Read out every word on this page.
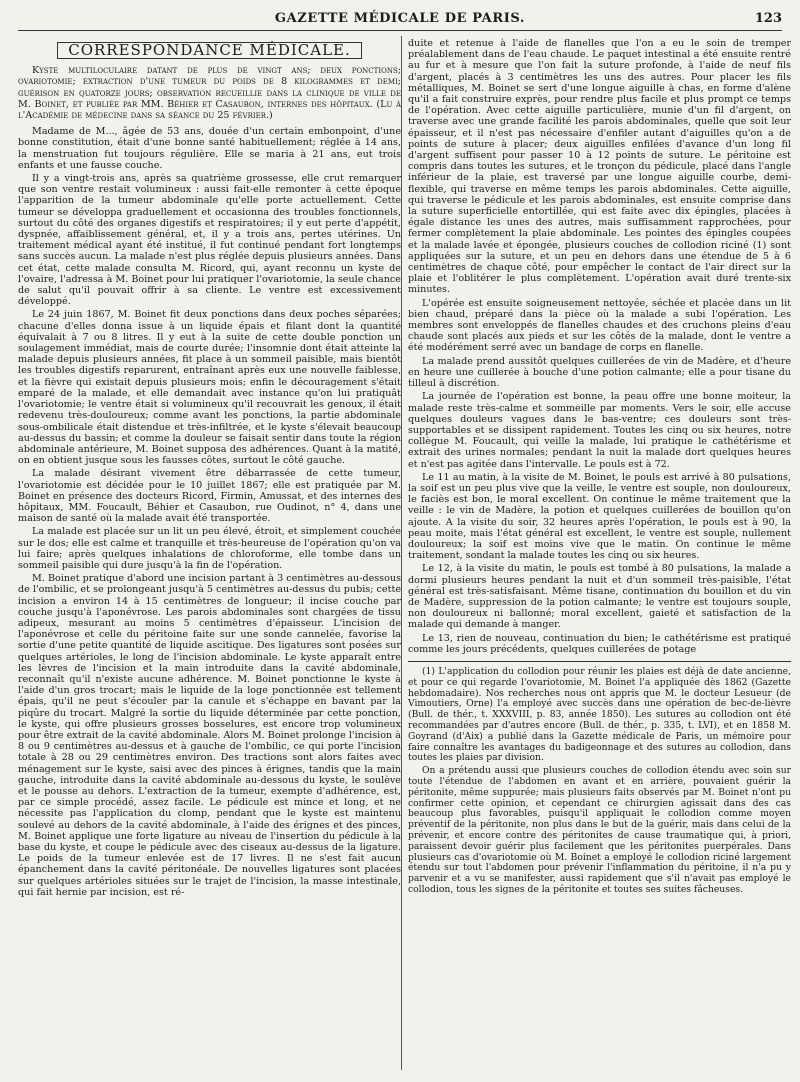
GAZETTE MÉDICALE DE PARIS.	123
CORRESPONDANCE MÉDICALE.

Kyste multiloculaire datant de plus de vingt ans; deux ponctions; ovariotomie; extraction d'une tumeur du poids de 8 kilogrammes et demi; guérison en quatorze jours; observation recueillie dans la clinique de ville de M. Boinet, et publiée par MM. Béhier et Casaubon, internes des hôpitaux. (Lu à l'Académie de médecine dans sa séance du 25 février.)

Madame de M..., âgée de 53 ans, douée d'un certain embonpoint, d'une bonne constitution, était d'une bonne santé habituellement; réglée à 14 ans, la menstruation fut toujours régulière. Elle se maria à 21 ans, eut trois enfants et une fausse couche.

Il y a vingt-trois ans, après sa quatrième grossesse, elle crut remarquer que son ventre restait volumineux : aussi fait-elle remonter à cette époque l'apparition de la tumeur abdominale qu'elle porte actuellement. Cette tumeur se développa graduellement et occasionna des troubles fonctionnels, surtout du côté des organes digestifs et respiratoires; il y eut perte d'appétit, dyspnée, affaiblissement général, et, il y a trois ans, pertes utérines. Un traitement médical ayant été institué, il fut continué pendant fort longtemps sans succès aucun. La malade n'est plus réglée depuis plusieurs années. Dans cet état, cette malade consulta M. Ricord, qui, ayant reconnu un kyste de l'ovaire, l'adressa à M. Boinet pour lui pratiquer l'ovariotomie, la seule chance de salut qu'il pouvait offrir à sa cliente. Le ventre est excessivement développé.

Le 24 juin 1867, M. Boinet fit deux ponctions dans deux poches séparées; chacune d'elles donna issue à un liquide épais et filant dont la quantité équivalait à 7 ou 8 litres. Il y eut à la suite de cette double ponction un soulagement immédiat, mais de courte durée; l'insomnie dont était atteinte la malade depuis plusieurs années, fit place à un sommeil paisible, mais bientôt les troubles digestifs reparurent, entraînant après eux une nouvelle faiblesse, et la fièvre qui existait depuis plusieurs mois; enfin le découragement s'était emparé de la malade, et elle demandait avec instance qu'on lui pratiquât l'ovariotomie; le ventre était si volumineux qu'il recouvrait les genoux, il était redevenu très-douloureux; comme avant les ponctions, la partie abdominale sous-ombilicale était distendue et très-infiltrée, et le kyste s'élevait beaucoup au-dessus du bassin; et comme la douleur se faisait sentir dans toute la région abdominale antérieure, M. Boinet supposa des adhérences. Quant à la matité, on en obtient jusque sous les fausses côtes, surtout le côté gauche.

La malade désirant vivement être débarrassée de cette tumeur, l'ovariotomie est décidée pour le 10 juillet 1867; elle est pratiquée par M. Boinet en présence des docteurs Ricord, Firmin, Amussat, et des internes des hôpitaux, MM. Foucault, Béhier et Casaubon, rue Oudinot, n° 4, dans une maison de santé où la malade avait été transportée.

La malade est placée sur un lit un peu élevé, étroit, et simplement couchée sur le dos; elle est calme et tranquille et très-heureuse de l'opération qu'on va lui faire; après quelques inhalations de chloroforme, elle tombe dans un sommeil paisible qui dure jusqu'à la fin de l'opération.

M. Boinet pratique d'abord une incision partant à 3 centimètres au-dessous de l'ombilic, et se prolongeant jusqu'à 5 centimètres au-dessus du pubis; cette incision a environ 14 à 15 centimètres de longueur; il incise couche par couche jusqu'à l'aponévrose. Les parois abdominales sont chargées de tissu adipeux, mesurant au moins 5 centimètres d'épaisseur. L'incision de l'aponévrose et celle du péritoine faite sur une sonde cannelée, favorise la sortie d'une petite quantité de liquide ascitique. Des ligatures sont posées sur quelques artérioles, le long de l'incision abdominale. Le kyste apparaît entre les lèvres de l'incision et la main introduite dans la cavité abdominale, reconnaît qu'il n'existe aucune adhérence. M. Boinet ponctionne le kyste à l'aide d'un gros trocart; mais le liquide de la loge ponctionnée est tellement épais, qu'il ne peut s'écouler par la canule et s'échappe en bavant par la piqûre du trocart. Malgré la sortie du liquide déterminée par cette ponction, le kyste, qui offre plusieurs grosses bosselures, est encore trop volumineux pour être extrait de la cavité abdominale. Alors M. Boinet prolonge l'incision à 8 ou 9 centimètres au-dessus et à gauche de l'ombilic, ce qui porte l'incision totale à 28 ou 29 centimètres environ. Des tractions sont alors faites avec ménagement sur le kyste, saisi avec des pinces à érignes, tandis que la main gauche, introduite dans la cavité abdominale au-dessous du kyste, le soulève et le pousse au dehors. L'extraction de la tumeur, exempte d'adhérence, est, par ce simple procédé, assez facile. Le pédicule est mince et long, et ne nécessite pas l'application du clomp, pendant que le kyste est maintenu soulevé au dehors de la cavité abdominale, à l'aide des érignes et des pinces, M. Boinet applique une forte ligature au niveau de l'insertion du pédicule à la base du kyste, et coupe le pédicule avec des ciseaux au-dessus de la ligature. Le poids de la tumeur enlevée est de 17 livres. Il ne s'est fait aucun épanchement dans la cavité péritonéale. De nouvelles ligatures sont placées sur quelques artérioles situées sur le trajet de l'incision, la masse intestinale, qui fait hernie par incision, est ré-

duite et retenue à l'aide de flanelles que l'on a eu le soin de tremper préalablement dans de l'eau chaude. Le paquet intestinal a été ensuite rentré au fur et à mesure que l'on fait la suture profonde, à l'aide de neuf fils d'argent, placés à 3 centimètres les uns des autres. Pour placer les fils métalliques, M. Boinet se sert d'une longue aiguille à chas, en forme d'alène qu'il a fait construire exprès, pour rendre plus facile et plus prompt ce temps de l'opération. Avec cette aiguille particulière, munie d'un fil d'argent, on traverse avec une grande facilité les parois abdominales, quelle que soit leur épaisseur, et il n'est pas nécessaire d'enfiler autant d'aiguilles qu'on a de points de suture à placer; deux aiguilles enfilées d'avance d'un long fil d'argent suffisent pour passer 10 à 12 points de suture. Le péritoine est compris dans toutes les sutures, et le tronçon du pédicule, placé dans l'angle inférieur de la plaie, est traversé par une longue aiguille courbe, demi-flexible, qui traverse en même temps les parois abdominales. Cette aiguille, qui traverse le pédicule et les parois abdominales, est ensuite comprise dans la suture superficielle entortillée, qui est faite avec dix épingles, placées à égale distance les unes des autres, mais suffisamment rapprochées, pour fermer complètement la plaie abdominale. Les pointes des épingles coupées et la malade lavée et épongée, plusieurs couches de collodion riciné (1) sont appliquées sur la suture, et un peu en dehors dans une étendue de 5 à 6 centimètres de chaque côté, pour empêcher le contact de l'air direct sur la plaie et l'oblitérer le plus complètement. L'opération avait duré trente-six minutes.

L'opérée est ensuite soigneusement nettoyée, séchée et placée dans un lit bien chaud, préparé dans la pièce où la malade a subi l'opération. Les membres sont enveloppés de flanelles chaudes et des cruchons pleins d'eau chaude sont placés aux pieds et sur les côtés de la malade, dont le ventre a été modérément serré avec un bandage de corps en flanelle.

La malade prend aussitôt quelques cuillerées de vin de Madère, et d'heure en heure une cuillerée à bouche d'une potion calmante; elle a pour tisane du tilleul à discrétion.

La journée de l'opération est bonne, la peau offre une bonne moiteur, la malade reste très-calme et sommeille par moments. Vers le soir, elle accuse quelques douleurs vagues dans le bas-ventre; ces douleurs sont très-supportables et se dissipent rapidement. Toutes les cinq ou six heures, notre collègue M. Foucault, qui veille la malade, lui pratique le cathétérisme et extrait des urines normales; pendant la nuit la malade dort quelques heures et n'est pas agitée dans l'intervalle. Le pouls est à 72.

Le 11 au matin, à la visite de M. Boinet, le pouls est arrivé à 80 pulsations, la soif est un peu plus vive que la veille, le ventre est souple, non douloureux, le faciès est bon, le moral excellent. On continue le même traitement que la veille : le vin de Madère, la potion et quelques cuillerées de bouillon qu'on ajoute. A la visite du soir, 32 heures après l'opération, le pouls est à 90, la peau moite, mais l'état général est excellent, le ventre est souple, nullement douloureux; la soif est moins vive que le matin. On continue le même traitement, sondant la malade toutes les cinq ou six heures.

Le 12, à la visite du matin, le pouls est tombé à 80 pulsations, la malade a dormi plusieurs heures pendant la nuit et d'un sommeil très-paisible, l'état général est très-satisfaisant. Même tisane, continuation du bouillon et du vin de Madère, suppression de la potion calmante; le ventre est toujours souple, non douloureux ni ballonné; moral excellent, gaieté et satisfaction de la malade qui demande à manger.

Le 13, rien de nouveau, continuation du bien; le cathétérisme est pratiqué comme les jours précédents, quelques cuillerées de potage

(1) L'application du collodion pour réunir les plaies est déjà de date ancienne, et pour ce qui regarde l'ovariotomie, M. Boinet l'a appliquée dès 1862 (Gazette hebdomadaire). Nos recherches nous ont appris que M. le docteur Lesueur (de Vimoutiers, Orne) l'a employé avec succès dans une opération de bec-de-lièvre (Bull. de thér., t. XXXVIII, p. 83, année 1850). Les sutures au collodion ont été recommandées par d'autres encore (Bull. de thér., p. 335, t. LVI), et en 1858 M. Goyrand (d'Aix) a publié dans la Gazette médicale de Paris, un mémoire pour faire connaître les avantages du badigeonnage et des sutures au collodion, dans toutes les plaies par division.

On a prétendu aussi que plusieurs couches de collodion étendu avec soin sur toute l'étendue de l'abdomen en avant et en arrière, pouvaient guérir la péritonite, même suppurée; mais plusieurs faits observés par M. Boinet n'ont pu confirmer cette opinion, et cependant ce chirurgien agissait dans des cas beaucoup plus favorables, puisqu'il appliquait le collodion comme moyen préventif de la péritonite, non plus dans le but de la guérir, mais dans celui de la prévenir, et encore contre des péritonites de cause traumatique qui, à priori, paraissent devoir guérir plus facilement que les péritonites puerpérales. Dans plusieurs cas d'ovariotomie où M. Boinet a employé le collodion riciné largement étendu sur tout l'abdomen pour prévenir l'inflammation du péritoine, il n'a pu y parvenir et a vu se manifester, aussi rapidement que s'il n'avait pas employé le collodion, tous les signes de la péritonite et toutes ses suites fâcheuses.
